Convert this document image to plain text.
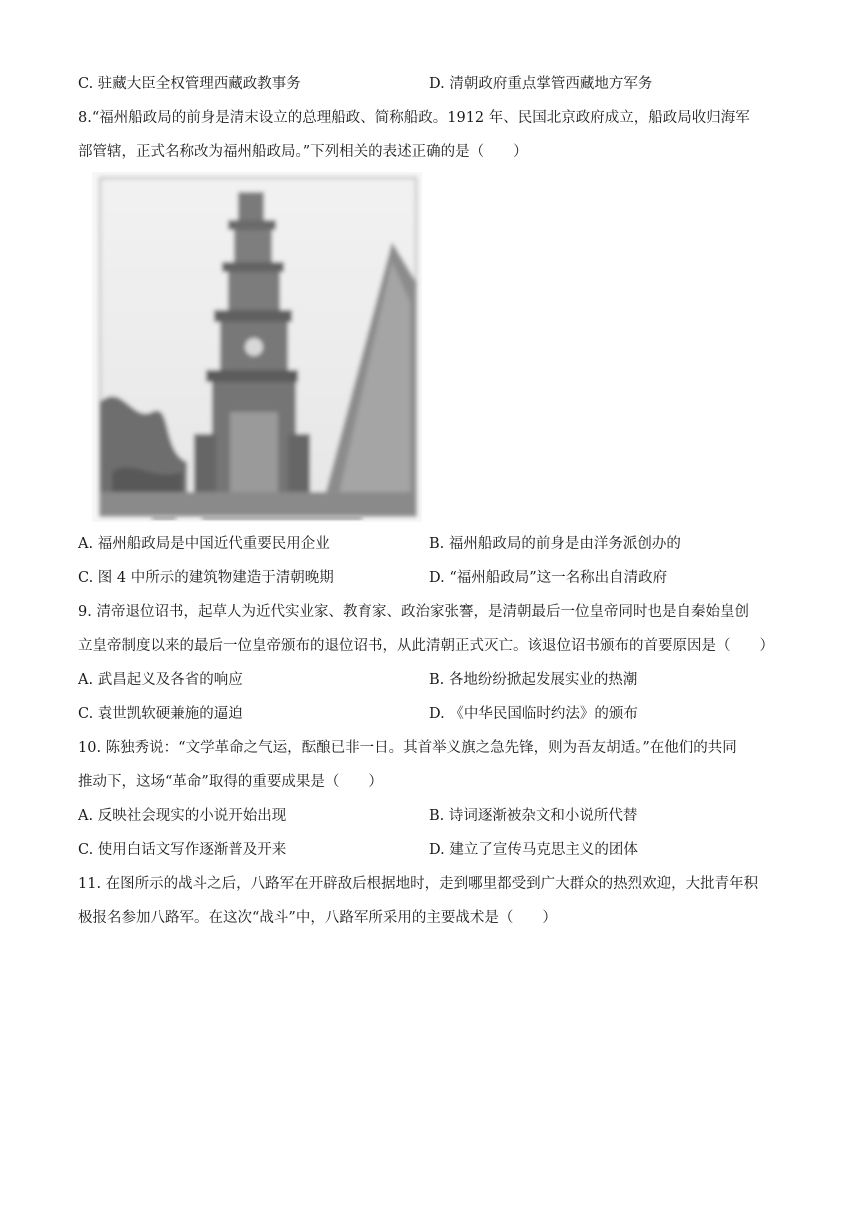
C. 驻藏大臣全权管理西藏政教事务	D. 清朝政府重点掌管西藏地方军务
8.“福州船政局的前身是清末设立的总理船政、简称船政。1912 年、民国北京政府成立，船政局收归海军
部管辖，正式名称改为福州船政局。”下列相关的表述正确的是（　　）
A. 福州船政局是中国近代重要民用企业	B. 福州船政局的前身是由洋务派创办的
C. 图 4 中所示的建筑物建造于清朝晚期	D. “福州船政局”这一名称出自清政府
9. 清帝退位诏书，起草人为近代实业家、教育家、政治家张謇，是清朝最后一位皇帝同时也是自秦始皇创
立皇帝制度以来的最后一位皇帝颁布的退位诏书，从此清朝正式灭亡。该退位诏书颁布的首要原因是（　　）
A. 武昌起义及各省的响应	B. 各地纷纷掀起发展实业的热潮
C. 袁世凯软硬兼施的逼迫	D. 《中华民国临时约法》的颁布
10. 陈独秀说：“文学革命之气运，酝酿已非一日。其首举义旗之急先锋，则为吾友胡适。”在他们的共同
推动下，这场“革命”取得的重要成果是（　　）
A. 反映社会现实的小说开始出现	B. 诗词逐渐被杂文和小说所代替
C. 使用白话文写作逐渐普及开来	D. 建立了宣传马克思主义的团体
11. 在图所示的战斗之后，八路军在开辟敌后根据地时，走到哪里都受到广大群众的热烈欢迎，大批青年积
极报名参加八路军。在这次“战斗”中，八路军所采用的主要战术是（　　）
